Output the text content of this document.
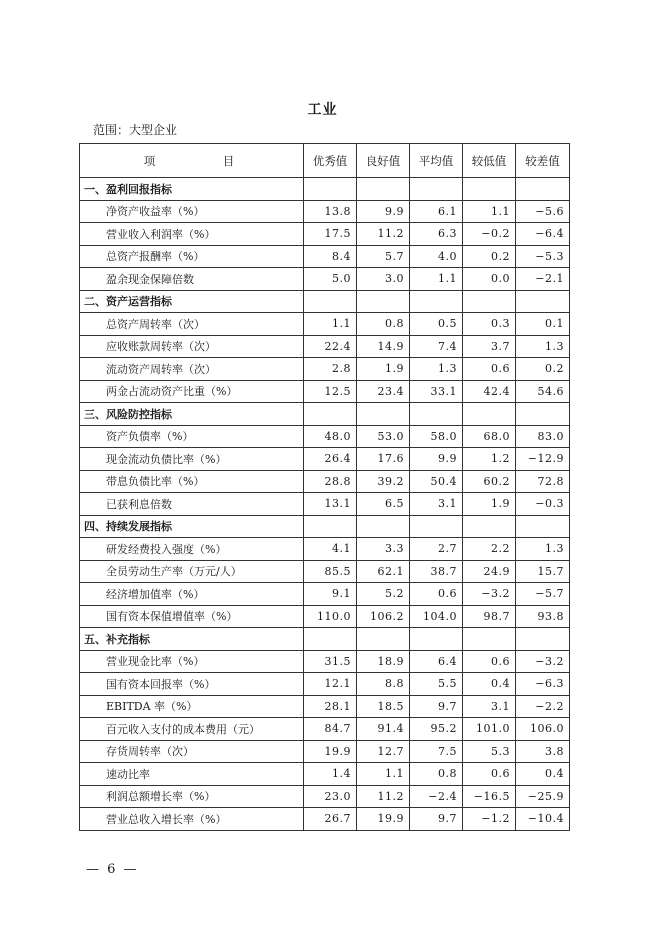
工业
范围：大型企业
项　目	优秀值	良好值	平均值	较低值	较差值
一、盈利回报指标					
净资产收益率（%）	13.8	9.9	6.1	1.1	−5.6
营业收入利润率（%）	17.5	11.2	6.3	−0.2	−6.4
总资产报酬率（%）	8.4	5.7	4.0	0.2	−5.3
盈余现金保障倍数	5.0	3.0	1.1	0.0	−2.1
二、资产运营指标					
总资产周转率（次）	1.1	0.8	0.5	0.3	0.1
应收账款周转率（次）	22.4	14.9	7.4	3.7	1.3
流动资产周转率（次）	2.8	1.9	1.3	0.6	0.2
两金占流动资产比重（%）	12.5	23.4	33.1	42.4	54.6
三、风险防控指标					
资产负债率（%）	48.0	53.0	58.0	68.0	83.0
现金流动负债比率（%）	26.4	17.6	9.9	1.2	−12.9
带息负债比率（%）	28.8	39.2	50.4	60.2	72.8
已获利息倍数	13.1	6.5	3.1	1.9	−0.3
四、持续发展指标					
研发经费投入强度（%）	4.1	3.3	2.7	2.2	1.3
全员劳动生产率（万元/人）	85.5	62.1	38.7	24.9	15.7
经济增加值率（%）	9.1	5.2	0.6	−3.2	−5.7
国有资本保值增值率（%）	110.0	106.2	104.0	98.7	93.8
五、补充指标					
营业现金比率（%）	31.5	18.9	6.4	0.6	−3.2
国有资本回报率（%）	12.1	8.8	5.5	0.4	−6.3
EBITDA 率（%）	28.1	18.5	9.7	3.1	−2.2
百元收入支付的成本费用（元）	84.7	91.4	95.2	101.0	106.0
存货周转率（次）	19.9	12.7	7.5	5.3	3.8
速动比率	1.4	1.1	0.8	0.6	0.4
利润总额增长率（%）	23.0	11.2	−2.4	−16.5	−25.9
营业总收入增长率（%）	26.7	19.9	9.7	−1.2	−10.4
— 6 —
